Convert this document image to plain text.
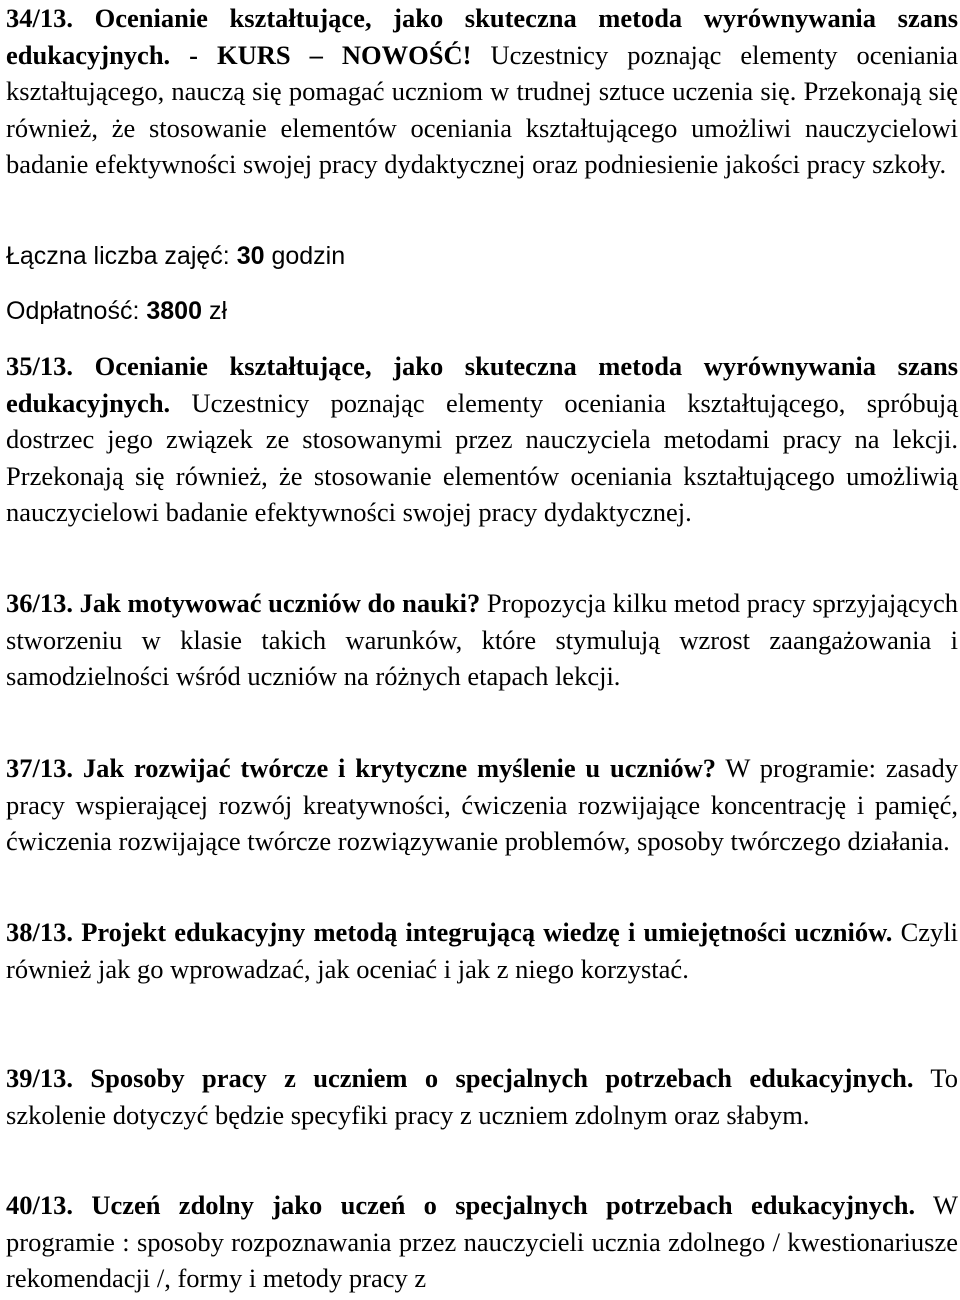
34/13. Ocenianie kształtujące, jako skuteczna metoda wyrównywania szans edukacyjnych. - KURS – NOWOŚĆ! Uczestnicy poznając elementy oceniania kształtującego, nauczą się pomagać uczniom w trudnej sztuce uczenia się. Przekonają się również, że stosowanie elementów oceniania kształtującego umożliwi nauczycielowi badanie efektywności swojej pracy dydaktycznej oraz podniesienie jakości pracy szkoły.

Łączna liczba zajęć: 30 godzin
Odpłatność: 3800 zł

35/13. Ocenianie kształtujące, jako skuteczna metoda wyrównywania szans edukacyjnych. Uczestnicy poznając elementy oceniania kształtującego, spróbują dostrzec jego związek ze stosowanymi przez nauczyciela metodami pracy na lekcji. Przekonają się również, że stosowanie elementów oceniania kształtującego umożliwią nauczycielowi badanie efektywności swojej pracy dydaktycznej.

36/13. Jak motywować uczniów do nauki? Propozycja kilku metod pracy sprzyjających stworzeniu w klasie takich warunków, które stymulują wzrost zaangażowania i samodzielności wśród uczniów na różnych etapach lekcji.

37/13. Jak rozwijać twórcze i krytyczne myślenie u uczniów? W programie: zasady pracy wspierającej rozwój kreatywności, ćwiczenia rozwijające koncentrację i pamięć, ćwiczenia rozwijające twórcze rozwiązywanie problemów, sposoby twórczego działania.

38/13. Projekt edukacyjny metodą integrującą wiedzę i umiejętności uczniów. Czyli również jak go wprowadzać, jak oceniać i jak z niego korzystać.

39/13. Sposoby pracy z uczniem o specjalnych potrzebach edukacyjnych. To szkolenie dotyczyć będzie specyfiki pracy z uczniem zdolnym oraz słabym.

40/13. Uczeń zdolny jako uczeń o specjalnych potrzebach edukacyjnych. W programie : sposoby rozpoznawania przez nauczycieli ucznia zdolnego / kwestionariusze rekomendacji /, formy i metody pracy z
